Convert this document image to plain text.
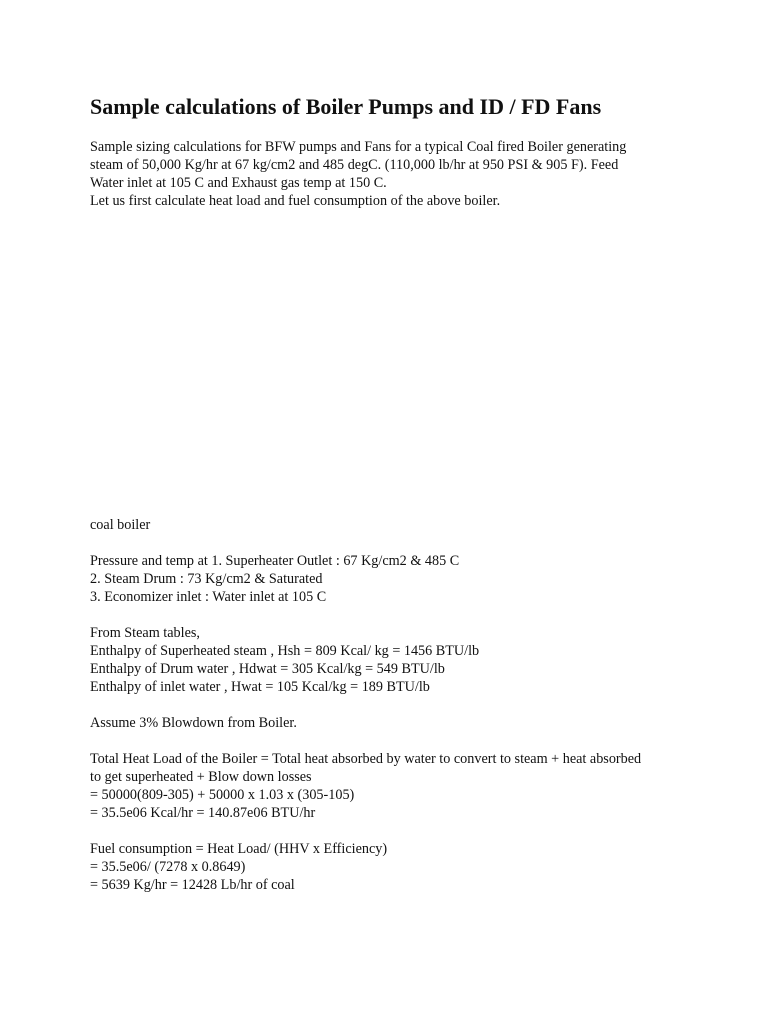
Sample calculations of Boiler Pumps and ID / FD Fans
Sample sizing calculations for BFW pumps and Fans for a typical Coal fired Boiler generating
steam of 50,000 Kg/hr at 67 kg/cm2 and 485 degC. (110,000 lb/hr at 950 PSI & 905 F). Feed
Water inlet at 105 C and Exhaust gas temp at 150 C.
Let us first calculate heat load and fuel consumption of the above boiler.
coal boiler
Pressure and temp at 1. Superheater Outlet : 67 Kg/cm2 & 485 C
2. Steam Drum : 73 Kg/cm2 & Saturated
3. Economizer inlet : Water inlet at 105 C
From Steam tables,
Enthalpy of Superheated steam , Hsh = 809 Kcal/ kg = 1456 BTU/lb
Enthalpy of Drum water , Hdwat = 305 Kcal/kg = 549 BTU/lb
Enthalpy of inlet water , Hwat = 105 Kcal/kg = 189 BTU/lb
Assume 3% Blowdown from Boiler.
Total Heat Load of the Boiler = Total heat absorbed by water to convert to steam + heat absorbed
to get superheated + Blow down losses
= 50000(809-305) + 50000 x 1.03 x (305-105)
= 35.5e06 Kcal/hr = 140.87e06 BTU/hr
Fuel consumption = Heat Load/ (HHV x Efficiency)
= 35.5e06/ (7278 x 0.8649)
= 5639 Kg/hr = 12428 Lb/hr of coal
